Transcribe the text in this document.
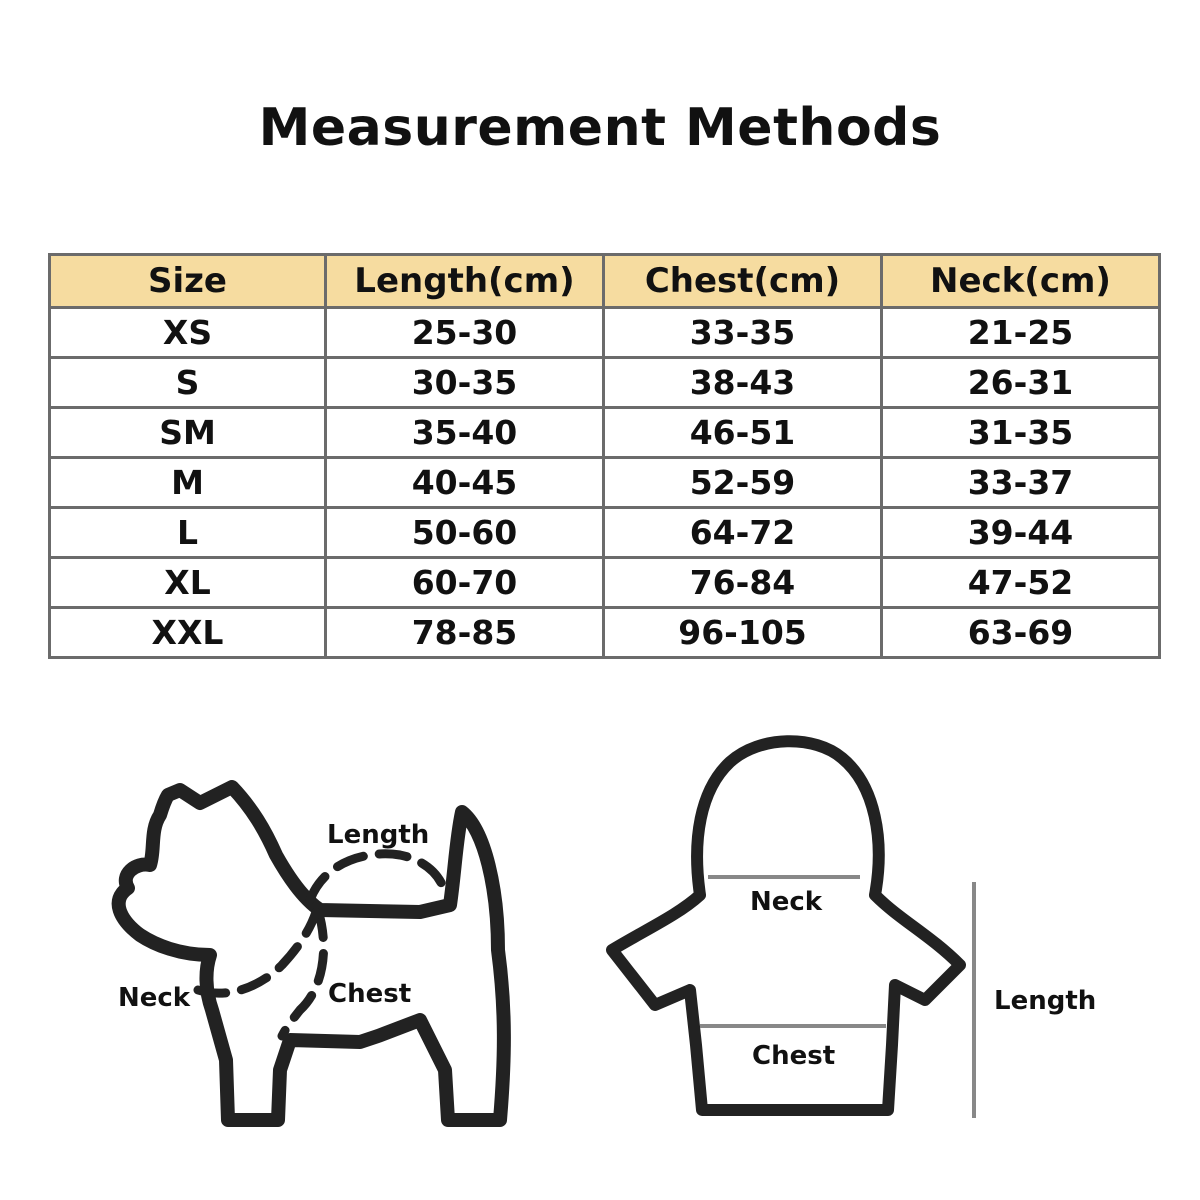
Measurement Methods
Size	Length(cm)	Chest(cm)	Neck(cm)
XS	25-30	33-35	21-25
S	30-35	38-43	26-31
SM	35-40	46-51	31-35
M	40-45	52-59	33-37
L	50-60	64-72	39-44
XL	60-70	76-84	47-52
XXL	78-85	96-105	63-69
Length
Chest
Neck
Neck
Chest
Length
